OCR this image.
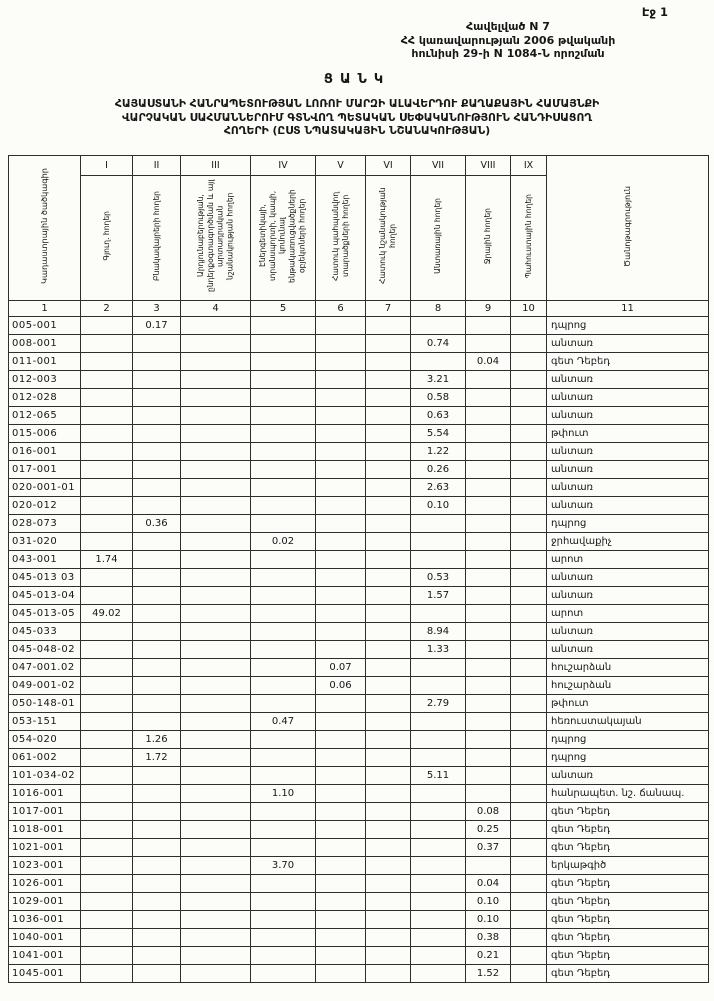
Էջ 1
Հավելված N 7
ՀՀ կառավարության 2006 թվականի
հունիսի 29-ի N 1084-Ն որոշման
ՑԱՆԿ
ՀԱՅԱՍՏԱՆԻ ՀԱՆՐԱՊԵՏՈՒԹՅԱՆ ԼՈՌՈՒ ՄԱՐԶԻ ԱԼԱՎԵՐԴՈՒ ՔԱՂԱՔԱՅԻՆ ՀԱՄԱՅՆՔԻ
ՎԱՐՉԱԿԱՆ ՍԱՀՄԱՆՆԵՐՈՒՄ ԳՏՆՎՈՂ ՊԵՏԱԿԱՆ ՍԵՓԱԿԱՆՈՒԹՅՈՒՆ ՀԱՆԴԻՍԱՑՈՂ
ՀՈՂԵՐԻ (ԸՍՏ ՆՊԱՏԱԿԱՅԻՆ ՆՇԱՆԱԿՈՒԹՅԱՆ)
Կադաստրային ծածկագիր	I	II	III	IV	V	VI	VII	VIII	IX	Ծանոթագրություն
	Գյուղ. հողեր	Բնակավայրերի հողեր	Արդյունաբերության, ընդերքօգտագործման և այլ արտադրական նշանակության հողեր	Էներգետիկայի, տրանսպորտի, կապի, կոմունալ ենթակառուցվածքների օբյեկտների հողեր	Հատուկ պահպանվող տարածքների հողեր	Հատուկ նշանակության հողեր	Անտառային հողեր	Ջրային հողեր	Պահուստային հողեր	
1	2	3	4	5	6	7	8	9	10	11
005-001		0.17								դպրոց
008-001							0.74			անտառ
011-001								0.04		գետ Դեբեդ
012-003							3.21			անտառ
012-028							0.58			անտառ
012-065							0.63			անտառ
015-006							5.54			թփուտ
016-001							1.22			անտառ
017-001							0.26			անտառ
020-001-01							2.63			անտառ
020-012							0.10			անտառ
028-073		0.36								դպրոց
031-020				0.02						ջրհավաքիչ
043-001	1.74									արոտ
045-013 03							0.53			անտառ
045-013-04							1.57			անտառ
045-013-05	49.02									արոտ
045-033							8.94			անտառ
045-048-02							1.33			անտառ
047-001.02					0.07					հուշարձան
049-001-02					0.06					հուշարձան
050-148-01							2.79			թփուտ
053-151				0.47						հեռուստակայան
054-020		1.26								դպրոց
061-002		1.72								դպրոց
101-034-02							5.11			անտառ
1016-001				1.10						հանրապետ. նշ. ճանապ.
1017-001								0.08		գետ Դեբեդ
1018-001								0.25		գետ Դեբեդ
1021-001								0.37		գետ Դեբեդ
1023-001				3.70						երկաթգիծ
1026-001								0.04		գետ Դեբեդ
1029-001								0.10		գետ Դեբեդ
1036-001								0.10		գետ Դեբեդ
1040-001								0.38		գետ Դեբեդ
1041-001								0.21		գետ Դեբեդ
1045-001								1.52		գետ Դեբեդ
